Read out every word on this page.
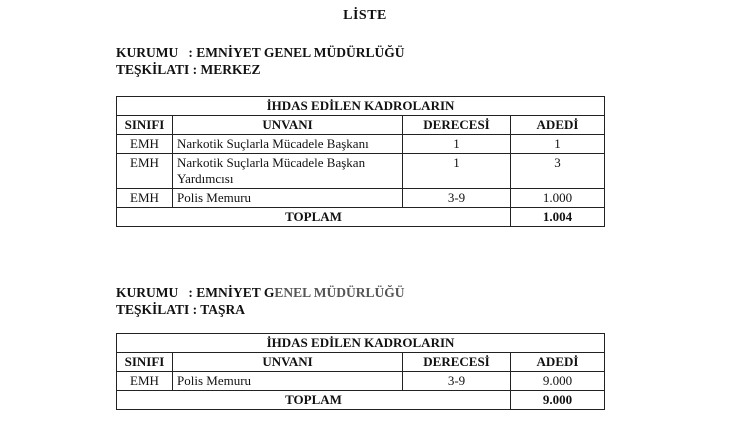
LİSTE
KURUMU : EMNİYET GENEL MÜDÜRLÜĞÜ
TEŞKİLATI : MERKEZ
İHDAS EDİLEN KADROLARIN			
SINIFI	UNVANI	DERECESİ	ADEDİ
EMH	Narkotik Suçlarla Mücadele Başkanı	1	1
EMH	Narkotik Suçlarla Mücadele Başkan Yardımcısı	1	3
EMH	Polis Memuru	3-9	1.000
TOPLAM			1.004
KURUMU : EMNİYET GENEL MÜDÜRLÜĞÜ
TEŞKİLATI : TAŞRA
İHDAS EDİLEN KADROLARIN			
SINIFI	UNVANI	DERECESİ	ADEDİ
EMH	Polis Memuru	3-9	9.000
TOPLAM			9.000
